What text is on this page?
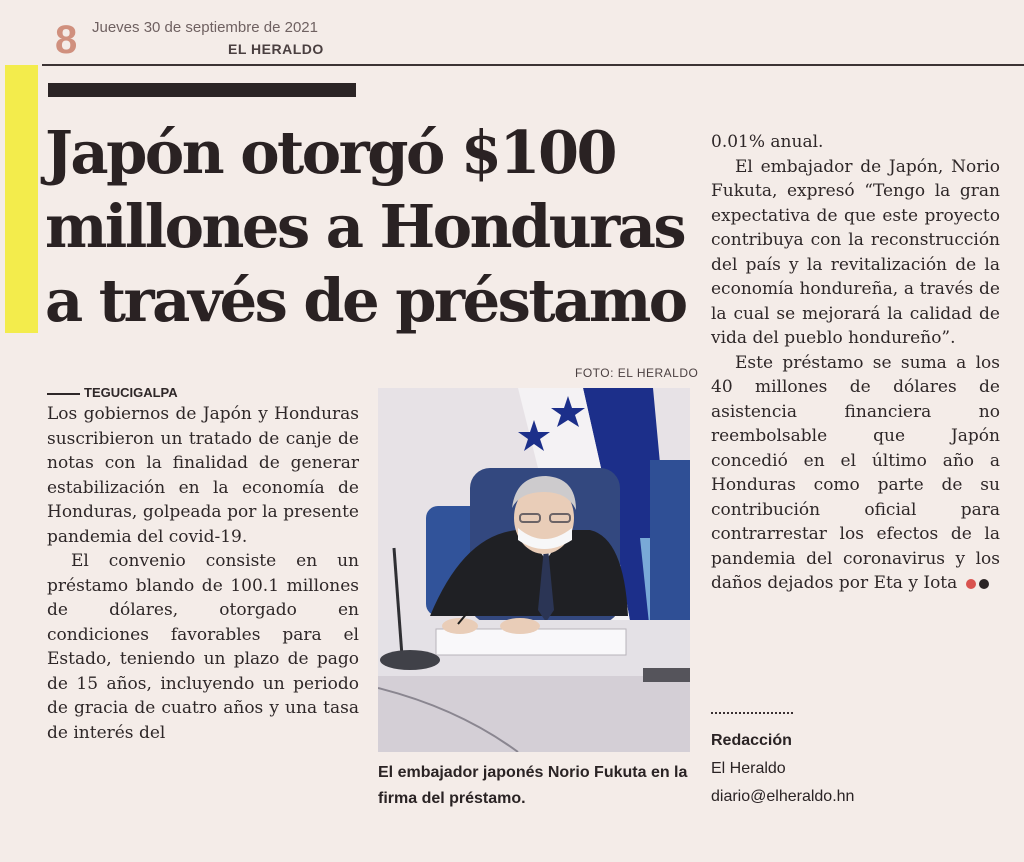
8 Jueves 30 de septiembre de 2021
EL HERALDO
Japón otorgó $100 millones a Honduras a través de préstamo
TEGUCIGALPA

Los gobiernos de Japón y Honduras suscribieron un tratado de canje de notas con la finalidad de generar estabilización en la economía de Honduras, golpeada por la presente pandemia del covid-19.

El convenio consiste en un préstamo blando de 100.1 millones de dólares, otorgado en condiciones favorables para el Estado, teniendo un plazo de pago de 15 años, incluyendo un periodo de gracia de cuatro años y una tasa de interés del

FOTO: EL HERALDO
El embajador japonés Norio Fukuta en la firma del préstamo.

0.01% anual.

El embajador de Japón, Norio Fukuta, expresó “Tengo la gran expectativa de que este proyecto contribuya con la reconstrucción del país y la revitalización de la economía hondureña, a través de la cual se mejorará la calidad de vida del pueblo hondureño”.

Este préstamo se suma a los 40 millones de dólares de asistencia financiera no reembolsable que Japón concedió en el último año a Honduras como parte de su contribución oficial para contrarrestar los efectos de la pandemia del coronavirus y los daños dejados por Eta y Iota

Redacción
El Heraldo
diario@elheraldo.hn
